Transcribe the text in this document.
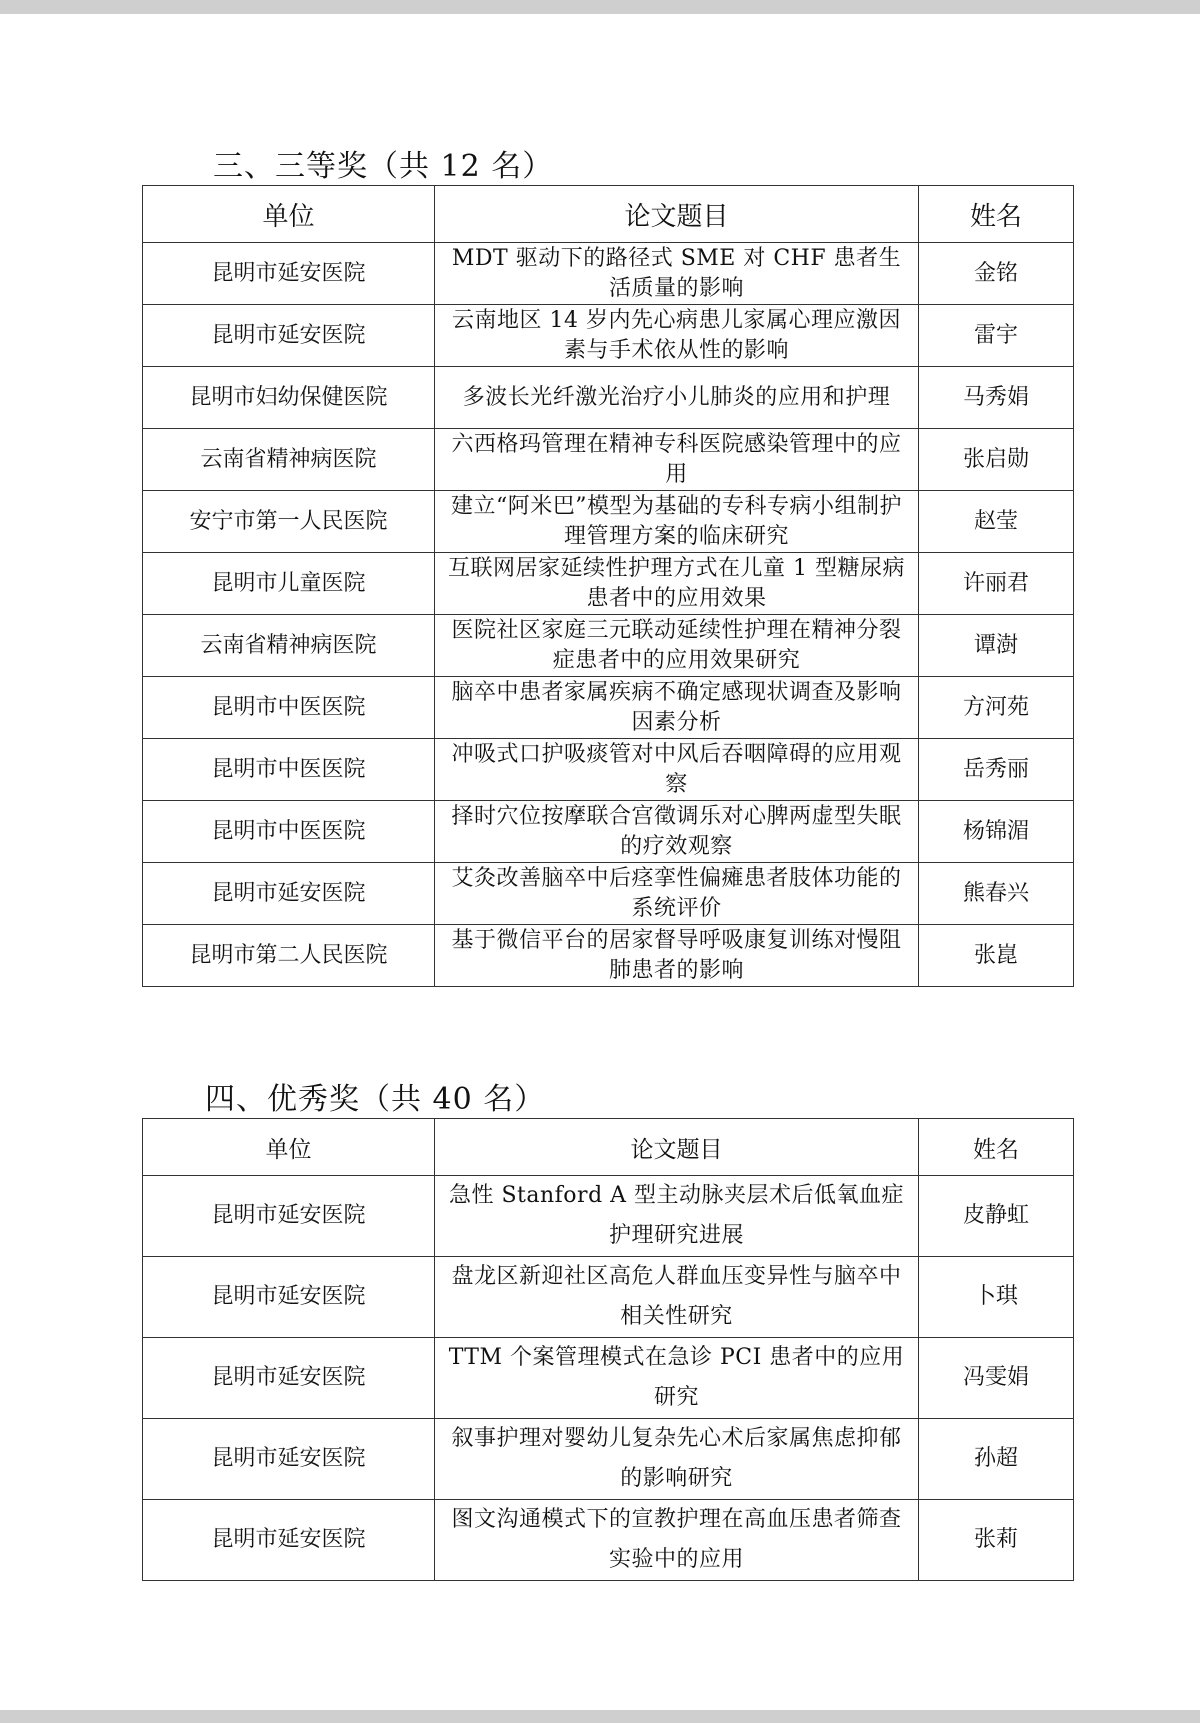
三、三等奖（共 12 名）
单位	论文题目	姓名
昆明市延安医院	MDT 驱动下的路径式 SME 对 CHF 患者生活质量的影响	金铭
昆明市延安医院	云南地区 14 岁内先心病患儿家属心理应激因素与手术依从性的影响	雷宇
昆明市妇幼保健医院	多波长光纤激光治疗小儿肺炎的应用和护理	马秀娟
云南省精神病医院	六西格玛管理在精神专科医院感染管理中的应用	张启勋
安宁市第一人民医院	建立“阿米巴”模型为基础的专科专病小组制护理管理方案的临床研究	赵莹
昆明市儿童医院	互联网居家延续性护理方式在儿童 1 型糖尿病患者中的应用效果	许丽君
云南省精神病医院	医院社区家庭三元联动延续性护理在精神分裂症患者中的应用效果研究	谭澍
昆明市中医医院	脑卒中患者家属疾病不确定感现状调查及影响因素分析	方河苑
昆明市中医医院	冲吸式口护吸痰管对中风后吞咽障碍的应用观察	岳秀丽
昆明市中医医院	择时穴位按摩联合宫徵调乐对心脾两虚型失眠的疗效观察	杨锦湄
昆明市延安医院	艾灸改善脑卒中后痉挛性偏瘫患者肢体功能的系统评价	熊春兴
昆明市第二人民医院	基于微信平台的居家督导呼吸康复训练对慢阻肺患者的影响	张崑
四、优秀奖（共 40 名）
单位	论文题目	姓名
昆明市延安医院	急性 Stanford A 型主动脉夹层术后低氧血症护理研究进展	皮静虹
昆明市延安医院	盘龙区新迎社区高危人群血压变异性与脑卒中相关性研究	卜琪
昆明市延安医院	TTM 个案管理模式在急诊 PCI 患者中的应用研究	冯雯娟
昆明市延安医院	叙事护理对婴幼儿复杂先心术后家属焦虑抑郁的影响研究	孙超
昆明市延安医院	图文沟通模式下的宣教护理在高血压患者筛查实验中的应用	张莉
